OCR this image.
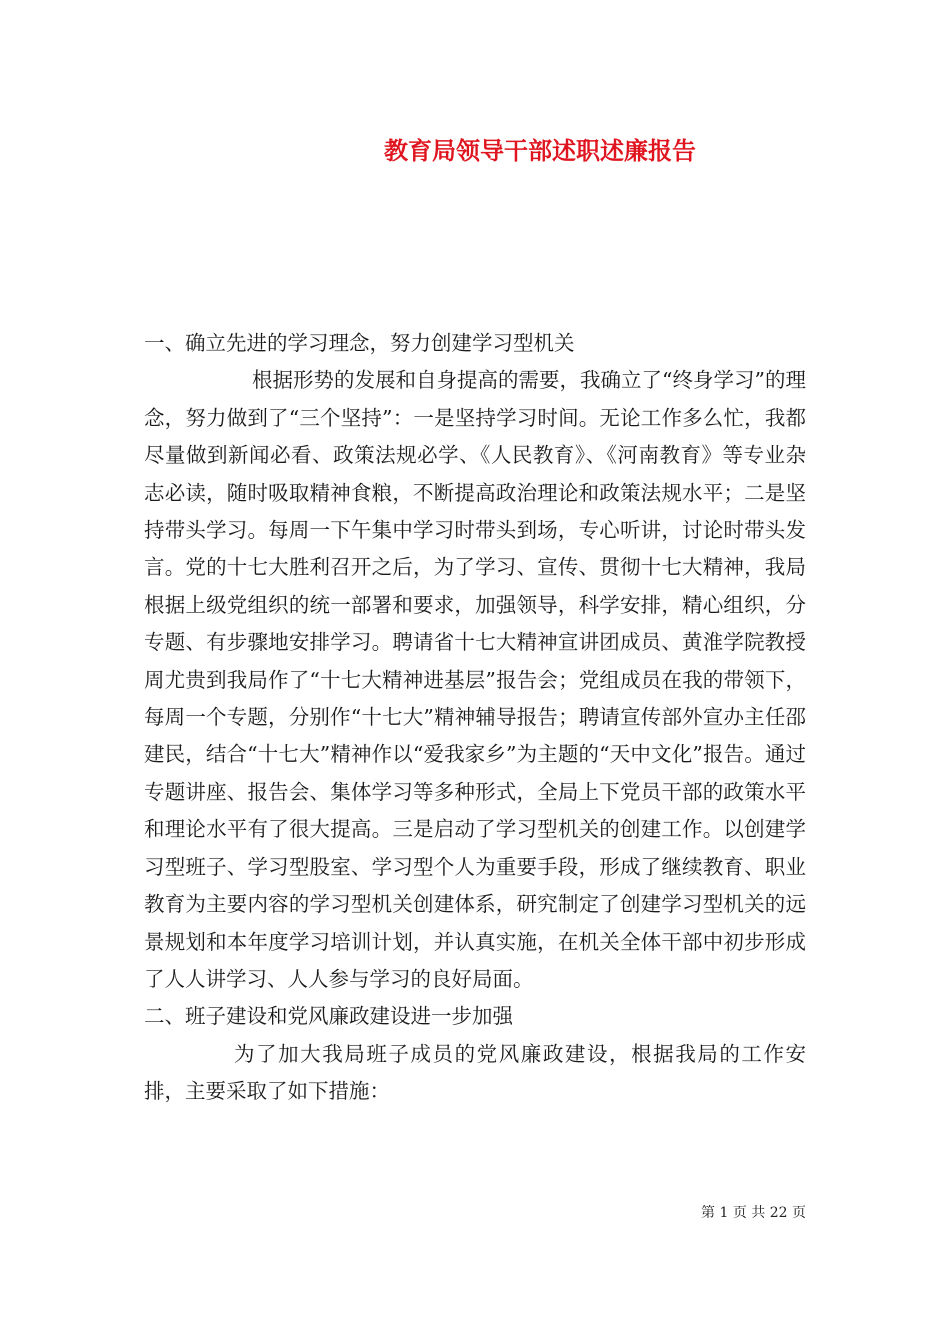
教育局领导干部述职述廉报告

一、确立先进的学习理念，努力创建学习型机关

根据形势的发展和自身提高的需要，我确立了“终身学习”的理念，努力做到了“三个坚持”：一是坚持学习时间。无论工作多么忙，我都尽量做到新闻必看、政策法规必学、《人民教育》、《河南教育》等专业杂志必读，随时吸取精神食粮，不断提高政治理论和政策法规水平；二是坚持带头学习。每周一下午集中学习时带头到场，专心听讲，讨论时带头发言。党的十七大胜利召开之后，为了学习、宣传、贯彻十七大精神，我局根据上级党组织的统一部署和要求，加强领导，科学安排，精心组织，分专题、有步骤地安排学习。聘请省十七大精神宣讲团成员、黄淮学院教授周尤贵到我局作了“十七大精神进基层”报告会；党组成员在我的带领下，每周一个专题，分别作“十七大”精神辅导报告；聘请宣传部外宣办主任邵建民，结合“十七大”精神作以“爱我家乡”为主题的“天中文化”报告。通过专题讲座、报告会、集体学习等多种形式，全局上下党员干部的政策水平和理论水平有了很大提高。三是启动了学习型机关的创建工作。以创建学习型班子、学习型股室、学习型个人为重要手段，形成了继续教育、职业教育为主要内容的学习型机关创建体系，研究制定了创建学习型机关的远景规划和本年度学习培训计划，并认真实施，在机关全体干部中初步形成了人人讲学习、人人参与学习的良好局面。

二、班子建设和党风廉政建设进一步加强

为了加大我局班子成员的党风廉政建设，根据我局的工作安排，主要采取了如下措施：

第 1 页 共 22 页
